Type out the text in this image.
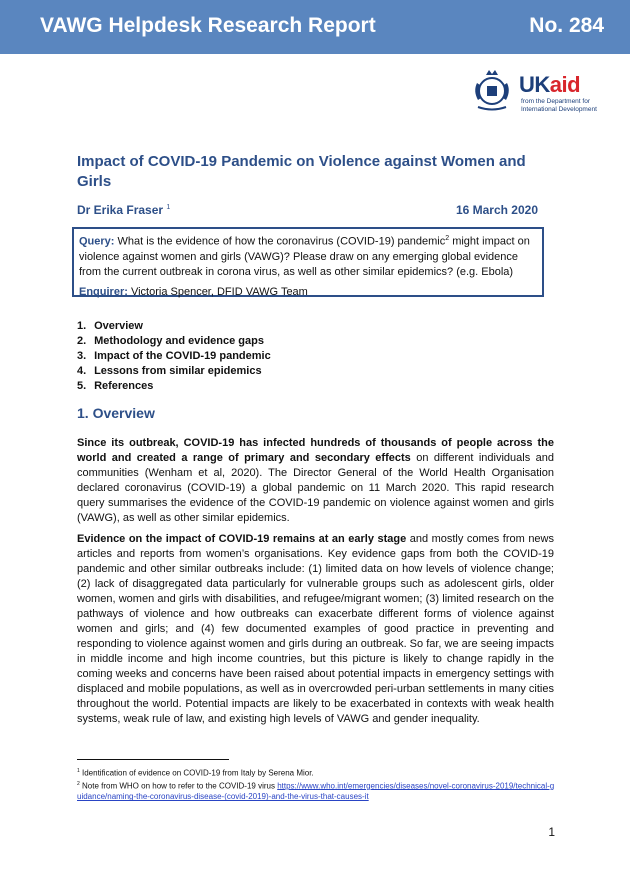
VAWG Helpdesk Research Report	No. 284
UKaid
from the Department for International Development
Impact of COVID-19 Pandemic on Violence against Women and Girls
Dr Erika Fraser $^1$	16 March 2020

Query: What is the evidence of how the coronavirus (COVID-19) pandemic$^2$ might impact on violence against women and girls (VAWG)? Please draw on any emerging global evidence from the current outbreak in corona virus, as well as other similar epidemics? (e.g. Ebola)

Enquirer: Victoria Spencer, DFID VAWG Team

1. Overview
2. Methodology and evidence gaps
3. Impact of the COVID-19 pandemic
4. Lessons from similar epidemics
5. References
1. Overview

Since its outbreak, COVID-19 has infected hundreds of thousands of people across the world and created a range of primary and secondary effects on different individuals and communities (Wenham et al, 2020). The Director General of the World Health Organisation declared coronavirus (COVID-19) a global pandemic on 11 March 2020. This rapid research query summarises the evidence of the COVID-19 pandemic on violence against women and girls (VAWG), as well as other similar epidemics.

Evidence on the impact of COVID-19 remains at an early stage and mostly comes from news articles and reports from women’s organisations. Key evidence gaps from both the COVID-19 pandemic and other similar outbreaks include: (1) limited data on how levels of violence change; (2) lack of disaggregated data particularly for vulnerable groups such as adolescent girls, older women, women and girls with disabilities, and refugee/migrant women; (3) limited research on the pathways of violence and how outbreaks can exacerbate different forms of violence against women and girls; and (4) few documented examples of good practice in preventing and responding to violence against women and girls during an outbreak. So far, we are seeing impacts in middle income and high income countries, but this picture is likely to change rapidly in the coming weeks and concerns have been raised about potential impacts in emergency settings with displaced and mobile populations, as well as in overcrowded peri-urban settlements in many cities throughout the world. Potential impacts are likely to be exacerbated in contexts with weak health systems, weak rule of law, and existing high levels of VAWG and gender inequality.

$^1$ Identification of evidence on COVID-19 from Italy by Serena Mior.

$^2$ Note from WHO on how to refer to the COVID-19 virus https://www.who.int/emergencies/diseases/novel-coronavirus-2019/technical-guidance/naming-the-coronavirus-disease-(covid-2019)-and-the-virus-that-causes-it

1
